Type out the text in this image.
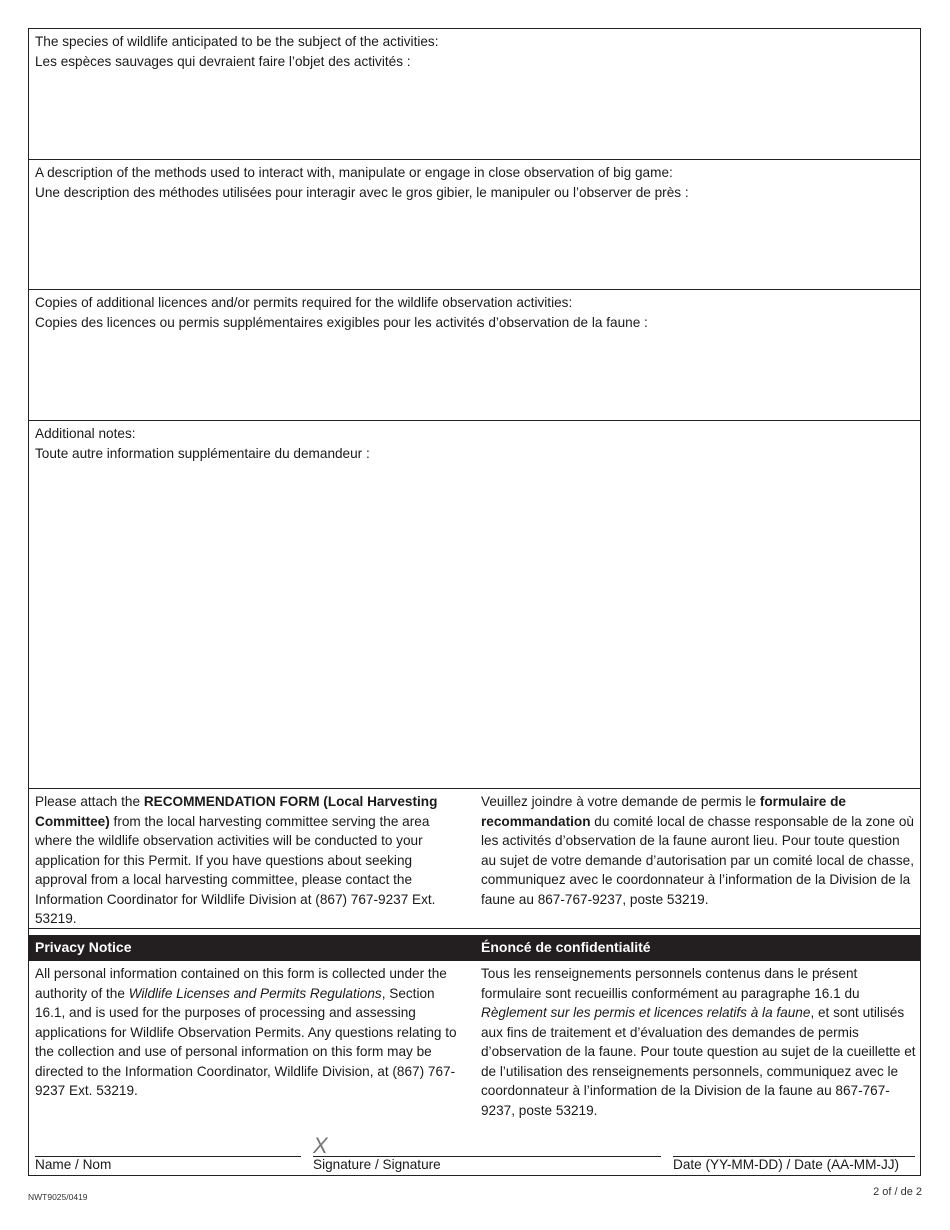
The species of wildlife anticipated to be the subject of the activities:
Les espèces sauvages qui devraient faire l’objet des activités :
A description of the methods used to interact with, manipulate or engage in close observation of big game:
Une description des méthodes utilisées pour interagir avec le gros gibier, le manipuler ou l’observer de près :
Copies of additional licences and/or permits required for the wildlife observation activities:
Copies des licences ou permis supplémentaires exigibles pour les activités d’observation de la faune :
Additional notes:
Toute autre information supplémentaire du demandeur :
Please attach the RECOMMENDATION FORM (Local Harvesting Committee) from the local harvesting committee serving the area where the wildlife observation activities will be conducted to your application for this Permit. If you have questions about seeking approval from a local harvesting committee, please contact the Information Coordinator for Wildlife Division at (867) 767-9237 Ext. 53219.
Veuillez joindre à votre demande de permis le formulaire de recommandation du comité local de chasse responsable de la zone où les activités d’observation de la faune auront lieu. Pour toute question au sujet de votre demande d’autorisation par un comité local de chasse, communiquez avec le coordonnateur à l’information de la Division de la faune au 867-767-9237, poste 53219.
Privacy Notice	Énoncé de confidentialité
All personal information contained on this form is collected under the authority of the Wildlife Licenses and Permits Regulations, Section 16.1, and is used for the purposes of processing and assessing applications for Wildlife Observation Permits. Any questions relating to the collection and use of personal information on this form may be directed to the Information Coordinator, Wildlife Division, at (867) 767-9237 Ext. 53219.
Tous les renseignements personnels contenus dans le présent formulaire sont recueillis conformément au paragraphe 16.1 du Règlement sur les permis et licences relatifs à la faune, et sont utilisés aux fins de traitement et d’évaluation des demandes de permis d’observation de la faune. Pour toute question au sujet de la cueillette et de l’utilisation des renseignements personnels, communiquez avec le coordonnateur à l’information de la Division de la faune au 867-767-9237, poste 53219.
Name / Nom
X
Signature / Signature	Date (YY-MM-DD) / Date (AA-MM-JJ)
NWT9025/0419	2 of / de 2
